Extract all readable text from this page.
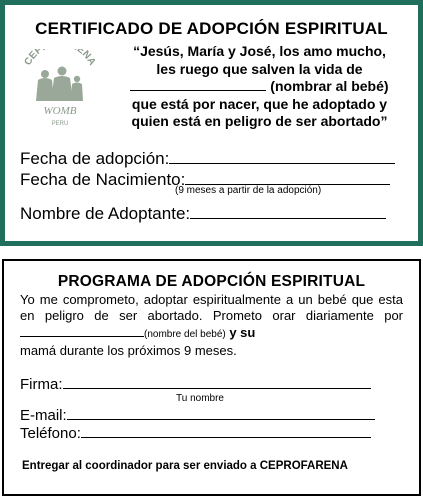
CERTIFICADO DE ADOPCIÓN ESPIRITUAL
CEP ENA
WOMB
PERU
“Jesús, María y José, los amo mucho,
les ruego que salven la vida de
(nombrar al bebé)
que está por nacer, que he adoptado y
quien está en peligro de ser abortado”
Fecha de adopción:
Fecha de Nacimiento:
(9 meses a partir de la adopción)
Nombre de Adoptante:
PROGRAMA DE ADOPCIÓN ESPIRITUAL
Yo me comprometo, adoptar espiritualmente a un bebé que esta en peligro de ser abortado. Prometo orar diariamente por (nombre del bebé) y su
mamá durante los próximos 9 meses.
Firma:
Tu nombre
E-mail:
Teléfono:
Entregar al coordinador para ser enviado a CEPROFARENA
